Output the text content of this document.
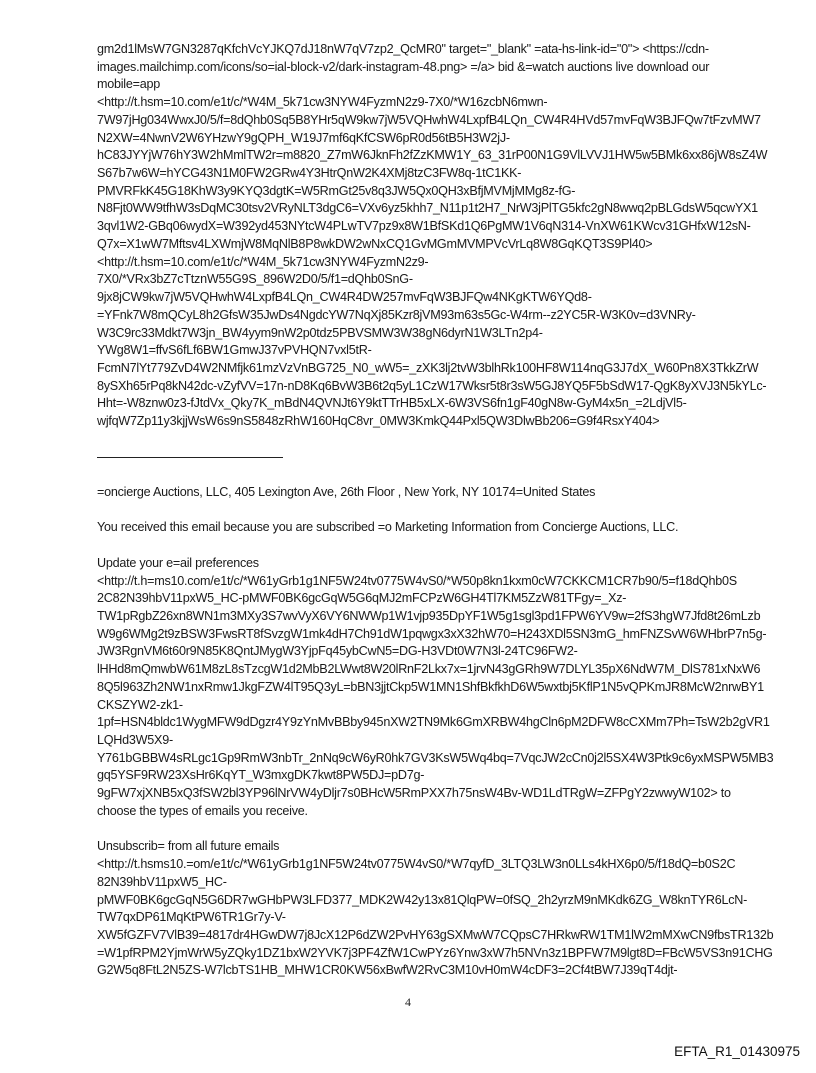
gm2d1lMsW7GN3287qKfchVcYJKQ7dJ18nW7qV7zp2_QcMR0" target="_blank" =ata-hs-link-id="0"> <https://cdn-
images.mailchimp.com/icons/so=ial-block-v2/dark-instagram-48.png> =/a> bid &=watch auctions live download our
mobile=app
<http://t.hsm=10.com/e1t/c/*W4M_5k71cw3NYW4FyzmN2z9-7X0/*W16zcbN6mwn-
7W97jHg034WwxJ0/5/f=8dQhb0Sq5B8YHr5qW9kw7jW5VQHwhW4LxpfB4LQn_CW4R4HVd57mvFqW3BJFQw7tFzvMW7
N2XW=4NwnV2W6YHzwY9gQPH_W19J7mf6qKfCSW6pR0d56tB5H3W2jJ-
hC83JYYjW76hY3W2hMmlTW2r=m8820_Z7mW6JknFh2fZzKMW1Y_63_31rP00N1G9VlLVVJ1HW5w5BMk6xx86jW8sZ4W
S67b7w6W=hYCG43N1M0FW2GRw4Y3HtrQnW2K4XMj8tzC3FW8q-1tC1KK-
PMVRFkK45G18KhW3y9KYQ3dgtK=W5RmGt25v8q3JW5Qx0QH3xBfjMVMjMMg8z-fG-
N8Fjt0WW9tfhW3sDqMC30tsv2VRyNLT3dgC6=VXv6yz5khh7_N11p1t2H7_NrW3jPlTG5kfc2gN8wwq2pBLGdsW5qcwYX1
3qvl1W2-GBq06wydX=W392yd453NYtcW4PLwTV7pz9x8W1BfSKd1Q6PgMW1V6qN314-VnXW61KWcv31GHfxW12sN-
Q7x=X1wW7Mftsv4LXWmjW8MqNlB8P8wkDW2wNxCQ1GvMGmMVMPVcVrLq8W8GqKQT3S9Pl40>
<http://t.hsm=10.com/e1t/c/*W4M_5k71cw3NYW4FyzmN2z9-
7X0/*VRx3bZ7cTtznW55G9S_896W2D0/5/f1=dQhb0SnG-
9jx8jCW9kw7jW5VQHwhW4LxpfB4LQn_CW4R4DW257mvFqW3BJFQw4NKgKTW6YQd8-
=YFnk7W8mQCyL8h2GfsW35JwDs4NgdcYW7NqXj85Kzr8jVM93m63s5Gc-W4rm--z2YC5R-W3K0v=d3VNRy-
W3C9rc33Mdkt7W3jn_BW4yym9nW2p0tdz5PBVSMW3W38gN6dyrN1W3LTn2p4-
YWg8W1=ffvS6fLf6BW1GmwJ37vPVHQN7vxl5tR-
FcmN7lYt779ZvD4W2NMfjk61mzVzVnBG725_N0_wW5=_zXK3lj2tvW3blhRk100HF8W114nqG3J7dX_W60Pn8X3TkkZrW
8ySXh65rPq8kN42dc-vZyfVV=17n-nD8Kq6BvW3B6t2q5yL1CzW17Wksr5t8r3sW5GJ8YQ5F5bSdW17-QgK8yXVJ3N5kYLc-
Hht=-W8znw0z3-fJtdVx_Qky7K_mBdN4QVNJt6Y9ktTTrHB5xLX-6W3VS6fn1gF40gN8w-GyM4x5n_=2LdjVl5-
wjfqW7Zp11y3kjjWsW6s9nS5848zRhW160HqC8vr_0MW3KmkQ44Pxl5QW3DlwBb206=G9f4RsxY404>
=oncierge Auctions, LLC, 405 Lexington Ave, 26th Floor , New York, NY 10174=United States
You received this email because you are subscribed =o Marketing Information from Concierge Auctions, LLC.
Update your e=ail preferences
<http://t.h=ms10.com/e1t/c/*W61yGrb1g1NF5W24tv0775W4vS0/*W50p8kn1kxm0cW7CKKCM1CR7b90/5=f18dQhb0S
2C82N39hbV11pxW5_HC-pMWF0BK6gcGqW5G6qMJ2mFCPzW6GH4Tl7KM5ZzW81TFgy=_Xz-
TW1pRgbZ26xn8WN1m3MXy3S7wvVyX6VY6NWWp1W1vjp935DpYF1W5g1sgl3pd1FPW6YV9w=2fS3hgW7Jfd8t26mLzb
W9g6WMg2t9zBSW3FwsRT8fSvzgW1mk4dH7Ch91dW1pqwgx3xX32hW70=H243XDl5SN3mG_hmFNZSvW6WHbrP7n5g-
JW3RgnVM6t60r9N85K8QntJMygW3YjpFq45ybCwN5=DG-H3VDt0W7N3l-24TC96FW2-
lHHd8mQmwbW61M8zL8sTzcgW1d2MbB2LWwt8W20lRnF2Lkx7x=1jrvN43gGRh9W7DLYL35pX6NdW7M_DlS781xNxW6
8Q5l963Zh2NW1nxRmw1JkgFZW4lT95Q3yL=bBN3jjtCkp5W1MN1ShfBkfkhD6W5wxtbj5KflP1N5vQPKmJR8McW2nrwBY1
CKSZYW2-zk1-
1pf=HSN4bldc1WygMFW9dDgzr4Y9zYnMvBBby945nXW2TN9Mk6GmXRBW4hgCln6pM2DFW8cCXMm7Ph=TsW2b2gVR1
LQHd3W5X9-
Y761bGBBW4sRLgc1Gp9RmW3nbTr_2nNq9cW6yR0hk7GV3KsW5Wq4bq=7VqcJW2cCn0j2l5SX4W3Ptk9c6yxMSPW5MB3
gq5YSF9RW23XsHr6KqYT_W3mxgDK7kwt8PW5DJ=pD7g-
9gFW7xjXNB5xQ3fSW2bl3YP96lNrVW4yDljr7s0BHcW5RmPXX7h75nsW4Bv-WD1LdTRgW=ZFPgY2zwwyW102> to
choose the types of emails you receive.
Unsubscrib= from all future emails
<http://t.hsms10.=om/e1t/c/*W61yGrb1g1NF5W24tv0775W4vS0/*W7qyfD_3LTQ3LW3n0LLs4kHX6p0/5/f18dQ=b0S2C
82N39hbV11pxW5_HC-
pMWF0BK6gcGqN5G6DR7wGHbPW3LFD377_MDK2W42y13x81QlqPW=0fSQ_2h2yrzM9nMKdk6ZG_W8knTYR6LcN-
TW7qxDP61MqKtPW6TR1Gr7y-V-
XW5fGZFV7VlB39=4817dr4HGwDW7j8JcX12P6dZW2PvHY63gSXMwW7CQpsC7HRkwRW1TM1lW2mMXwCN9fbsTR132b
=W1pfRPM2YjmWrW5yZQky1DZ1bxW2YVK7j3PF4ZfW1CwPYz6Ynw3xW7h5NVn3z1BPFW7M9lgt8D=FBcW5VS3n91CHG
G2W5q8FtL2N5ZS-W7lcbTS1HB_MHW1CR0KW56xBwfW2RvC3M10vH0mW4cDF3=2Cf4tBW7J39qT4djt-
4
EFTA_R1_01430975
